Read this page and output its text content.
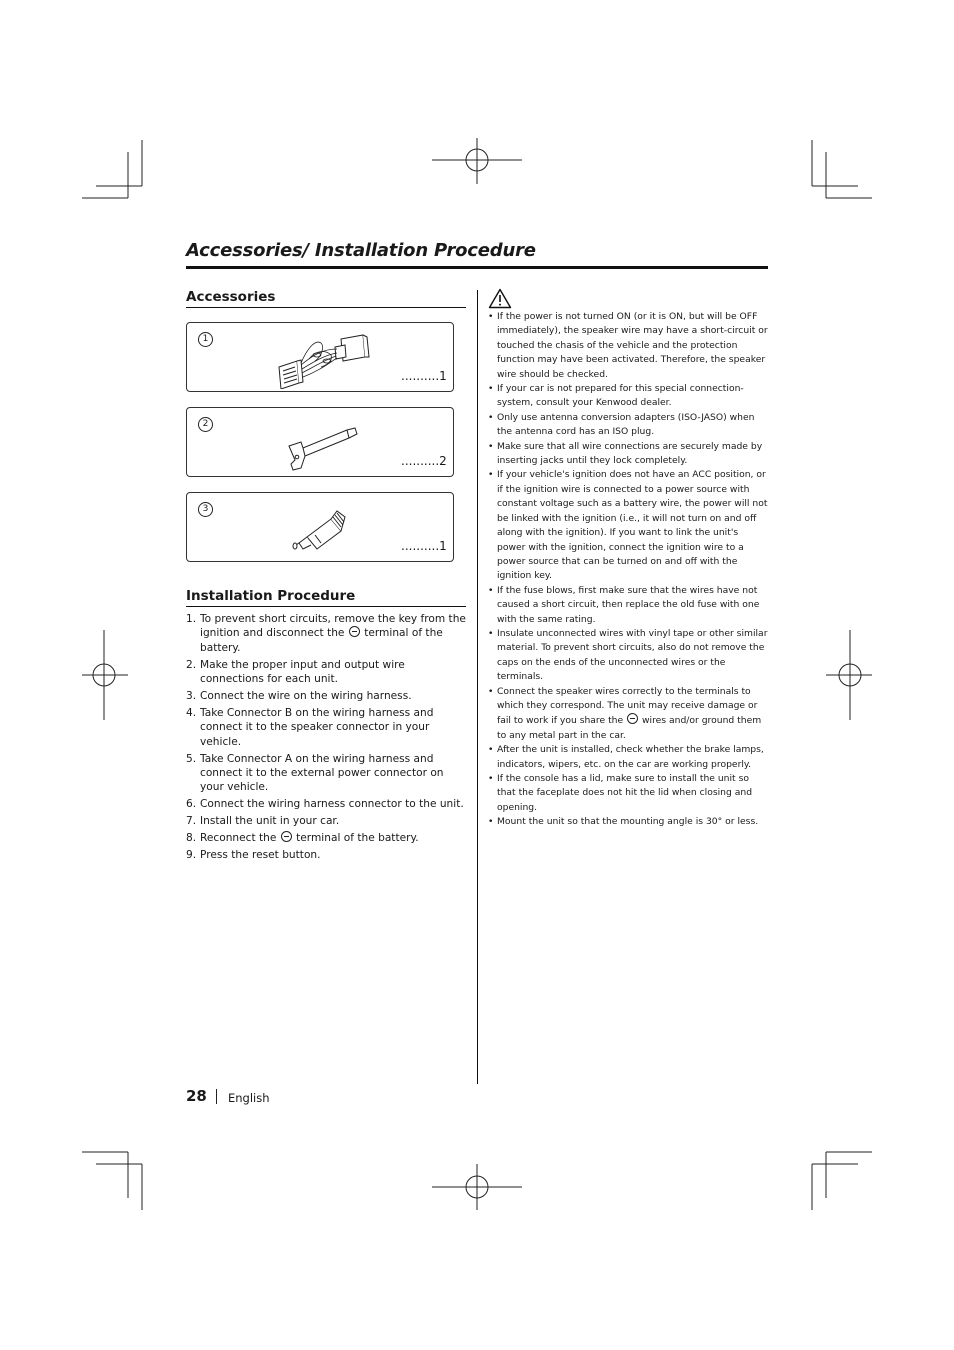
Accessories/ Installation Procedure
Accessories
1
..........1
2
..........2
3
..........1
Installation Procedure
1. To prevent short circuits, remove the key from the ignition and disconnect the terminal of the battery.
2. Make the proper input and output wire connections for each unit.
3. Connect the wire on the wiring harness.
4. Take Connector B on the wiring harness and connect it to the speaker connector in your vehicle.
5. Take Connector A on the wiring harness and connect it to the external power connector on your vehicle.
6. Connect the wiring harness connector to the unit.
7. Install the unit in your car.
8. Reconnect the terminal of the battery.
9. Press the reset button.
• If the power is not turned ON (or it is ON, but will be OFF immediately), the speaker wire may have a short-circuit or touched the chasis of the vehicle and the protection function may have been activated. Therefore, the speaker wire should be checked.
• If your car is not prepared for this special connection-system, consult your Kenwood dealer.
• Only use antenna conversion adapters (ISO-JASO) when the antenna cord has an ISO plug.
• Make sure that all wire connections are securely made by inserting jacks until they lock completely.
• If your vehicle's ignition does not have an ACC position, or if the ignition wire is connected to a power source with constant voltage such as a battery wire, the power will not be linked with the ignition (i.e., it will not turn on and off along with the ignition). If you want to link the unit's power with the ignition, connect the ignition wire to a power source that can be turned on and off with the ignition key.
• If the fuse blows, first make sure that the wires have not caused a short circuit, then replace the old fuse with one with the same rating.
• Insulate unconnected wires with vinyl tape or other similar material. To prevent short circuits, also do not remove the caps on the ends of the unconnected wires or the terminals.
• Connect the speaker wires correctly to the terminals to which they correspond. The unit may receive damage or fail to work if you share the wires and/or ground them to any metal part in the car.
• After the unit is installed, check whether the brake lamps, indicators, wipers, etc. on the car are working properly.
• If the console has a lid, make sure to install the unit so that the faceplate does not hit the lid when closing and opening.
• Mount the unit so that the mounting angle is 30° or less.
28 English
